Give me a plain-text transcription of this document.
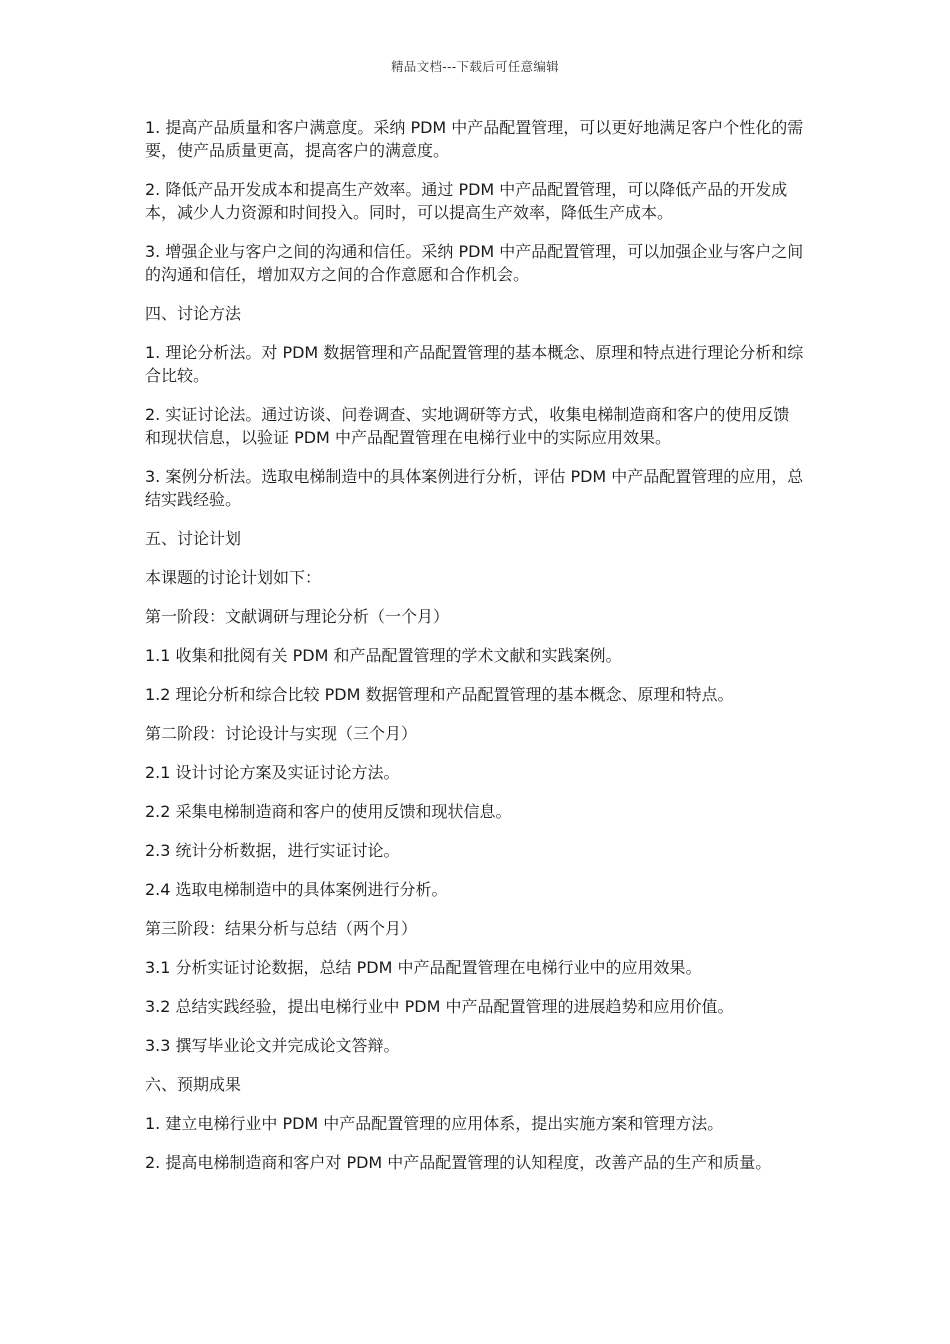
精品文档---下载后可任意编辑

1. 提高产品质量和客户满意度。采纳 PDM 中产品配置管理，可以更好地满足客户个性化的需要，使产品质量更高，提高客户的满意度。

2. 降低产品开发成本和提高生产效率。通过 PDM 中产品配置管理，可以降低产品的开发成本，减少人力资源和时间投入。同时，可以提高生产效率，降低生产成本。

3. 增强企业与客户之间的沟通和信任。采纳 PDM 中产品配置管理，可以加强企业与客户之间的沟通和信任，增加双方之间的合作意愿和合作机会。

四、讨论方法

1. 理论分析法。对 PDM 数据管理和产品配置管理的基本概念、原理和特点进行理论分析和综合比较。

2. 实证讨论法。通过访谈、问卷调查、实地调研等方式，收集电梯制造商和客户的使用反馈和现状信息，以验证 PDM 中产品配置管理在电梯行业中的实际应用效果。

3. 案例分析法。选取电梯制造中的具体案例进行分析，评估 PDM 中产品配置管理的应用，总结实践经验。

五、讨论计划

本课题的讨论计划如下：

第一阶段：文献调研与理论分析（一个月）

1.1 收集和批阅有关 PDM 和产品配置管理的学术文献和实践案例。

1.2 理论分析和综合比较 PDM 数据管理和产品配置管理的基本概念、原理和特点。

第二阶段：讨论设计与实现（三个月）

2.1 设计讨论方案及实证讨论方法。

2.2 采集电梯制造商和客户的使用反馈和现状信息。

2.3 统计分析数据，进行实证讨论。

2.4 选取电梯制造中的具体案例进行分析。

第三阶段：结果分析与总结（两个月）

3.1 分析实证讨论数据，总结 PDM 中产品配置管理在电梯行业中的应用效果。

3.2 总结实践经验，提出电梯行业中 PDM 中产品配置管理的进展趋势和应用价值。

3.3 撰写毕业论文并完成论文答辩。

六、预期成果

1. 建立电梯行业中 PDM 中产品配置管理的应用体系，提出实施方案和管理方法。

2. 提高电梯制造商和客户对 PDM 中产品配置管理的认知程度，改善产品的生产和质量。
